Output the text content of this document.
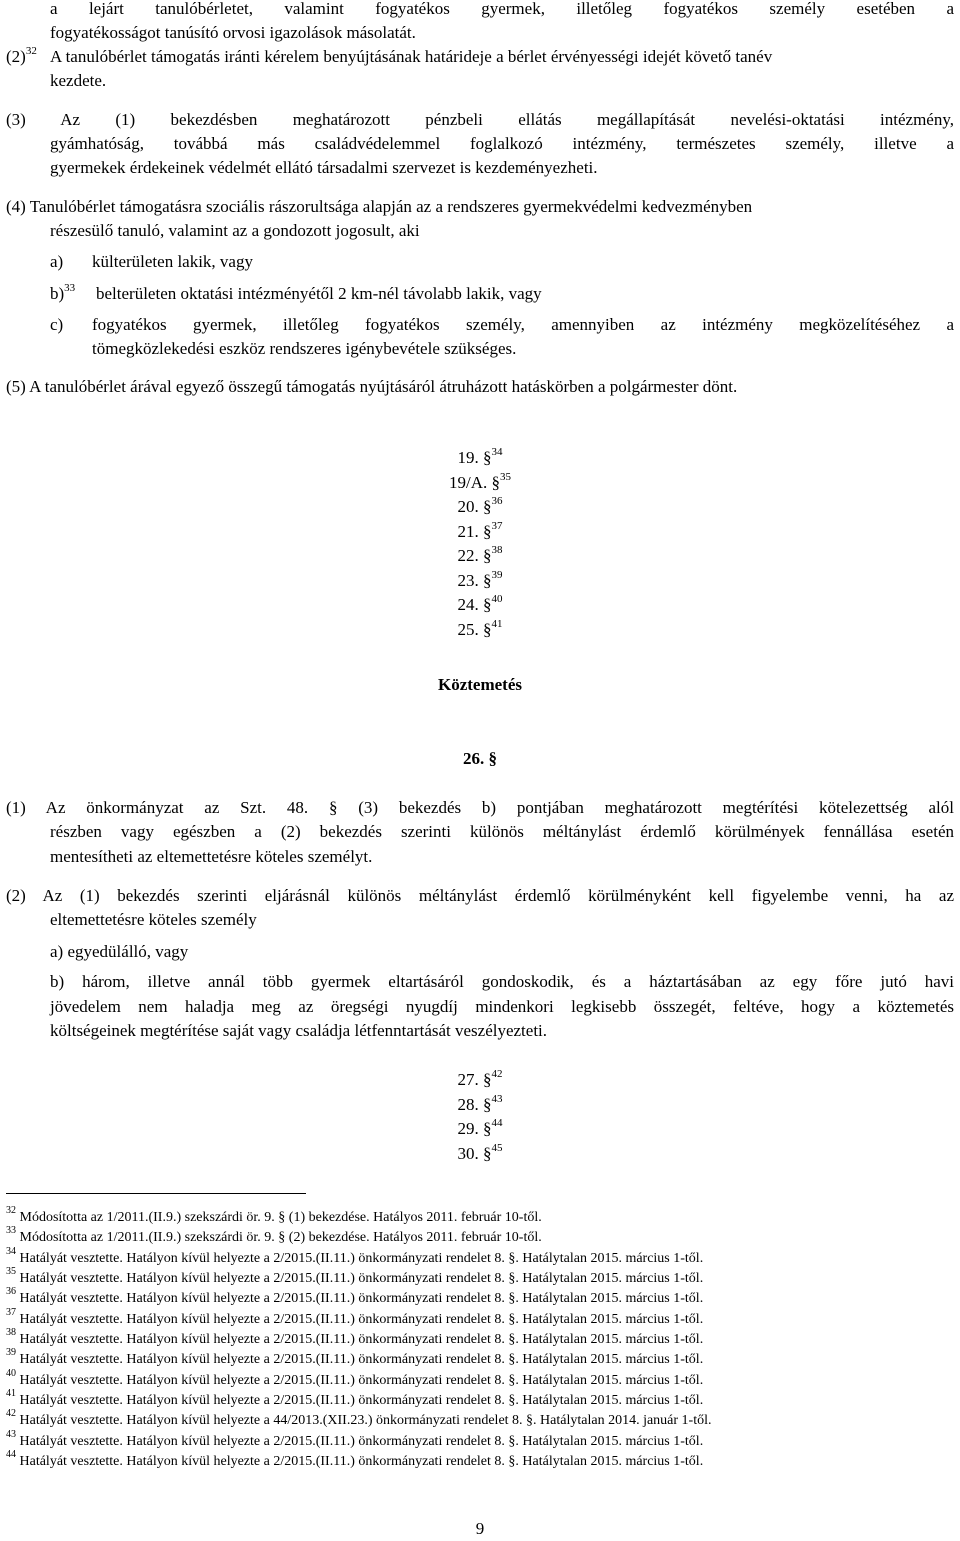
a lejárt tanulóbérletet, valamint fogyatékos gyermek, illetőleg fogyatékos személy esetében a
fogyatékosságot tanúsító orvosi igazolások másolatát.
$(2)^{32}$ A tanulóbérlet támogatás iránti kérelem benyújtásának határideje a bérlet érvényességi idejét követő tanév
kezdete.
(3) Az (1) bekezdésben meghatározott pénzbeli ellátás megállapítását nevelési-oktatási intézmény,
gyámhatóság, továbbá más családvédelemmel foglalkozó intézmény, természetes személy, illetve a
gyermekek érdekeinek védelmét ellátó társadalmi szervezet is kezdeményezheti.
(4) Tanulóbérlet támogatásra szociális rászorultsága alapján az a rendszeres gyermekvédelmi kedvezményben
részesülő tanuló, valamint az a gondozott jogosult, aki
a) külterületen lakik, vagy
b)$^{33}$ belterületen oktatási intézményétől 2 km-nél távolabb lakik, vagy
c) fogyatékos gyermek, illetőleg fogyatékos személy, amennyiben az intézmény megközelítéséhez a
tömegközlekedési eszköz rendszeres igénybevétele szükséges.
(5) A tanulóbérlet árával egyező összegű támogatás nyújtásáról átruházott hatáskörben a polgármester dönt.
19. §$^{34}$
19/A. §$^{35}$
20. §$^{36}$
21. §$^{37}$
22. §$^{38}$
23. §$^{39}$
24. §$^{40}$
25. §$^{41}$
Köztemetés
26. §
(1) Az önkormányzat az Szt. 48. § (3) bekezdés b) pontjában meghatározott megtérítési kötelezettség alól
részben vagy egészben a (2) bekezdés szerinti különös méltánylást érdemlő körülmények fennállása esetén
mentesítheti az eltemettetésre köteles személyt.
(2) Az (1) bekezdés szerinti eljárásnál különös méltánylást érdemlő körülményként kell figyelembe venni, ha az
eltemettetésre köteles személy
a) egyedülálló, vagy
b) három, illetve annál több gyermek eltartásáról gondoskodik, és a háztartásában az egy főre jutó havi
jövedelem nem haladja meg az öregségi nyugdíj mindenkori legkisebb összegét, feltéve, hogy a köztemetés
költségeinek megtérítése saját vagy családja létfenntartását veszélyezteti.
27. §$^{42}$
28. §$^{43}$
29. §$^{44}$
30. §$^{45}$
$^{32}$ Módosította az 1/2011.(II.9.) szekszárdi ör. 9. § (1) bekezdése. Hatályos 2011. február 10-től.
$^{33}$ Módosította az 1/2011.(II.9.) szekszárdi ör. 9. § (2) bekezdése. Hatályos 2011. február 10-től.
$^{34}$ Hatályát vesztette. Hatályon kívül helyezte a 2/2015.(II.11.) önkormányzati rendelet 8. §. Hatálytalan 2015. március 1-től.
$^{35}$ Hatályát vesztette. Hatályon kívül helyezte a 2/2015.(II.11.) önkormányzati rendelet 8. §. Hatálytalan 2015. március 1-től.
$^{36}$ Hatályát vesztette. Hatályon kívül helyezte a 2/2015.(II.11.) önkormányzati rendelet 8. §. Hatálytalan 2015. március 1-től.
$^{37}$ Hatályát vesztette. Hatályon kívül helyezte a 2/2015.(II.11.) önkormányzati rendelet 8. §. Hatálytalan 2015. március 1-től.
$^{38}$ Hatályát vesztette. Hatályon kívül helyezte a 2/2015.(II.11.) önkormányzati rendelet 8. §. Hatálytalan 2015. március 1-től.
$^{39}$ Hatályát vesztette. Hatályon kívül helyezte a 2/2015.(II.11.) önkormányzati rendelet 8. §. Hatálytalan 2015. március 1-től.
$^{40}$ Hatályát vesztette. Hatályon kívül helyezte a 2/2015.(II.11.) önkormányzati rendelet 8. §. Hatálytalan 2015. március 1-től.
$^{41}$ Hatályát vesztette. Hatályon kívül helyezte a 2/2015.(II.11.) önkormányzati rendelet 8. §. Hatálytalan 2015. március 1-től.
$^{42}$ Hatályát vesztette. Hatályon kívül helyezte a 44/2013.(XII.23.) önkormányzati rendelet 8. §. Hatálytalan 2014. január 1-től.
$^{43}$ Hatályát vesztette. Hatályon kívül helyezte a 2/2015.(II.11.) önkormányzati rendelet 8. §. Hatálytalan 2015. március 1-től.
$^{44}$ Hatályát vesztette. Hatályon kívül helyezte a 2/2015.(II.11.) önkormányzati rendelet 8. §. Hatálytalan 2015. március 1-től.
9
